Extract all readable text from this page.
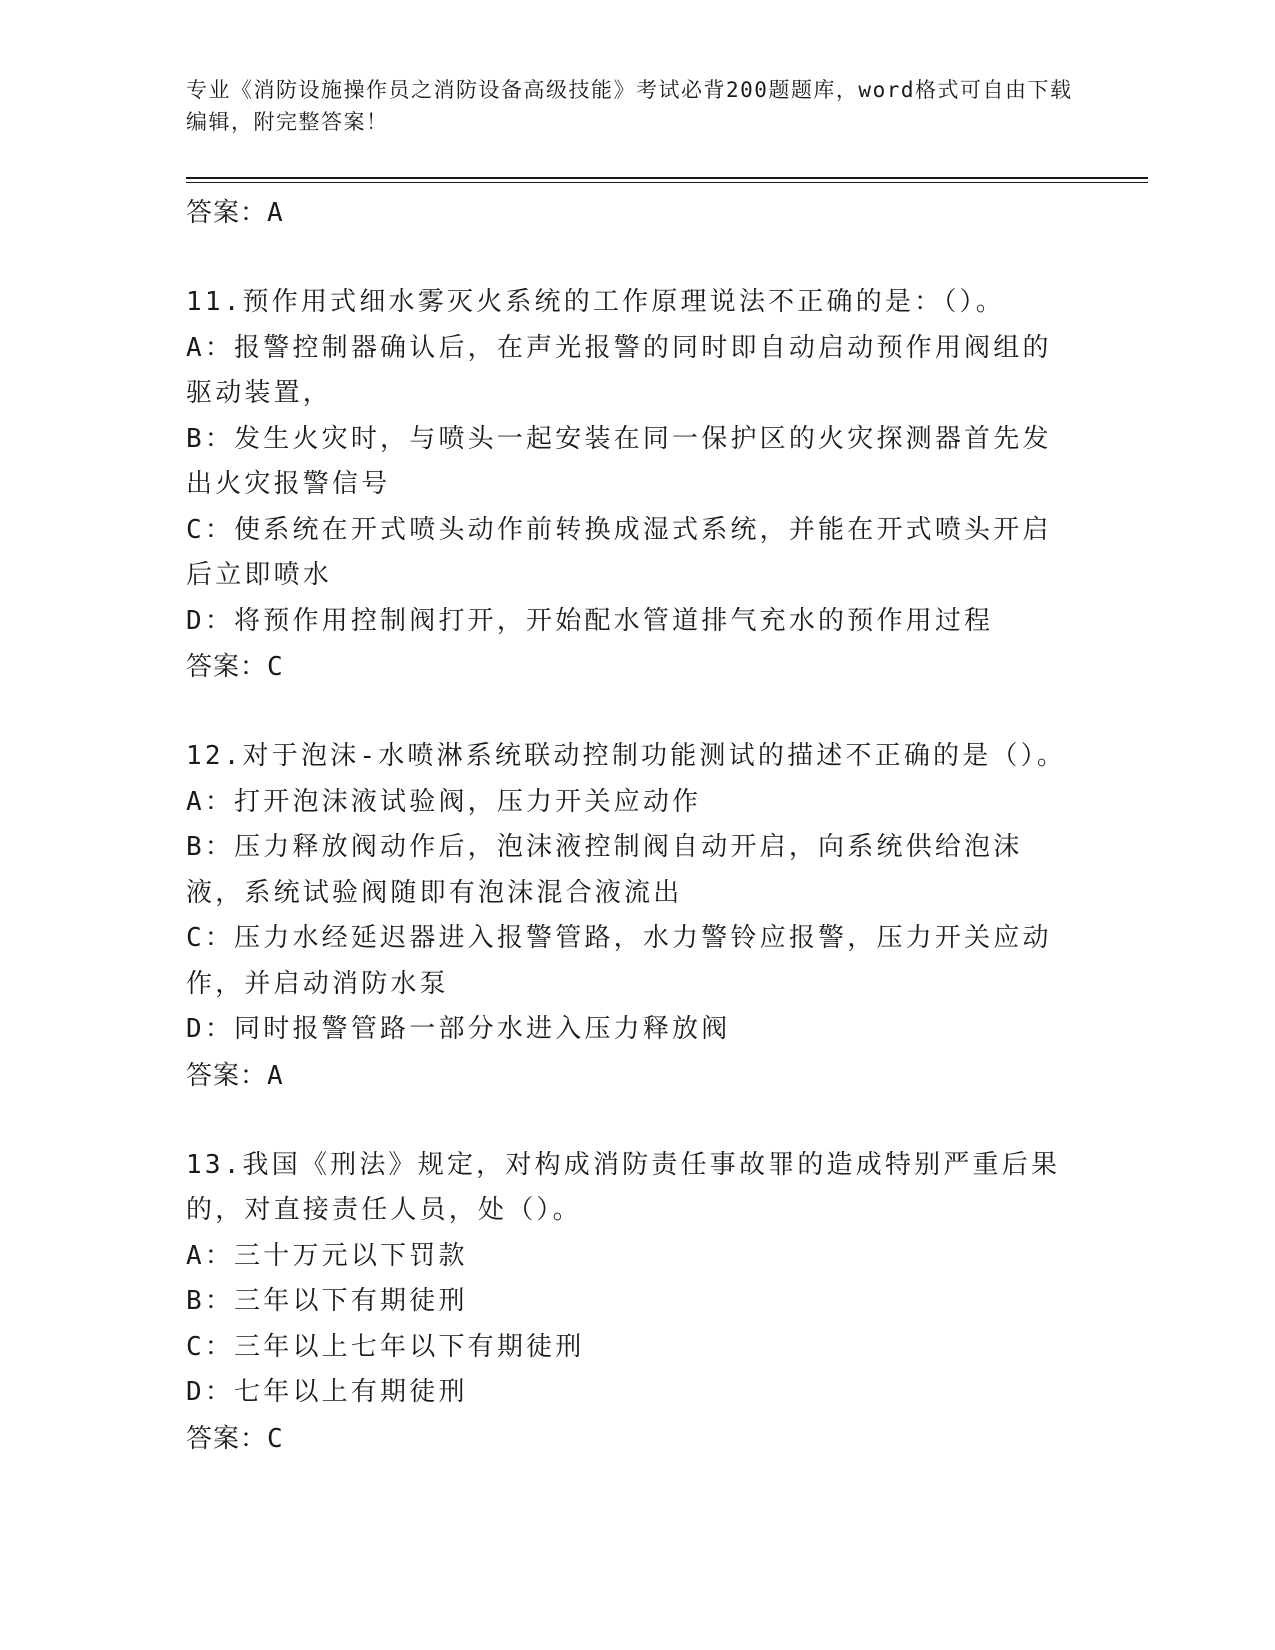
专业《消防设施操作员之消防设备高级技能》考试必背200题题库，word格式可自由下载编辑，附完整答案！

答案：A

11.预作用式细水雾灭火系统的工作原理说法不正确的是：（）。

A：报警控制器确认后，在声光报警的同时即自动启动预作用阀组的驱动装置，

B：发生火灾时，与喷头一起安装在同一保护区的火灾探测器首先发出火灾报警信号

C：使系统在开式喷头动作前转换成湿式系统，并能在开式喷头开启后立即喷水

D：将预作用控制阀打开，开始配水管道排气充水的预作用过程

答案：C

12.对于泡沫-水喷淋系统联动控制功能测试的描述不正确的是（）。

A：打开泡沫液试验阀，压力开关应动作

B：压力释放阀动作后，泡沫液控制阀自动开启，向系统供给泡沫液，系统试验阀随即有泡沫混合液流出

C：压力水经延迟器进入报警管路，水力警铃应报警，压力开关应动作，并启动消防水泵

D：同时报警管路一部分水进入压力释放阀

答案：A

13.我国《刑法》规定，对构成消防责任事故罪的造成特别严重后果的，对直接责任人员，处（）。

A：三十万元以下罚款

B：三年以下有期徒刑

C：三年以上七年以下有期徒刑

D：七年以上有期徒刑

答案：C
